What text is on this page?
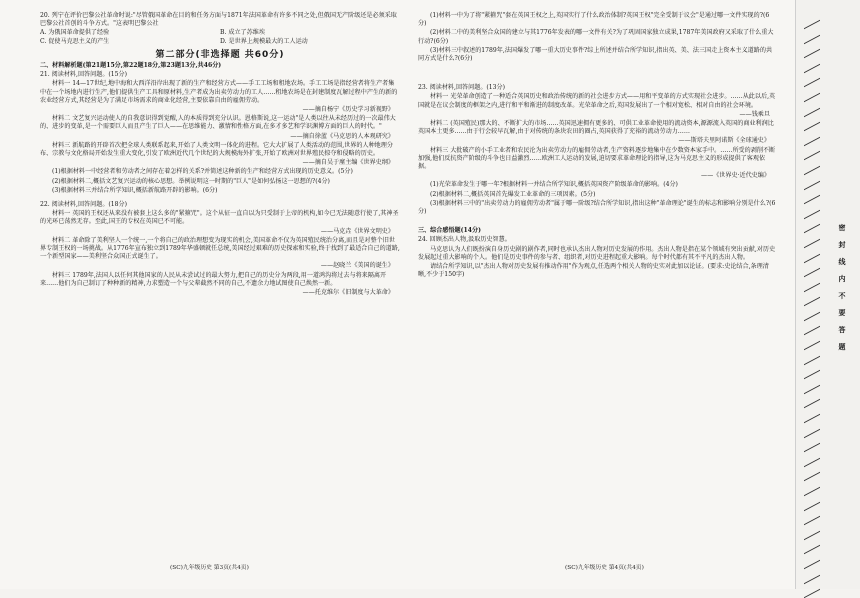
20. 列宁在评价巴黎公社革命时说:"尽管俄国革命在目的和任务方面与1871年法国革命有许多不同之处,但俄国无产阶级还是必须采取巴黎公社首创的斗争方式。"这表明巴黎公社

A. 为俄国革命提供了经验	B. 成立了苏维埃
C. 促使马克思主义的产生	D. 是世界上规模最大的工人运动
第二部分(非选择题 共60分)

二、材料解析题(第21题15分,第22题18分,第23题13分,共46分)

21. 阅读材料,回答问题。(15分)

材料一 14—17世纪,地中海和大西洋沿岸出现了新的生产和经营方式——手工工场和租地农场。手工工场是指经营者将生产者集中在一个场地内进行生产,他们提供生产工具和原材料,生产者成为出卖劳动力的工人……租地农场是在封建制度瓦解过程中产生的新的农业经营方式,其经营是为了满足市场需求的商业化经营,主要依靠自由的雇佣劳动。

——摘自杨宁《历史学习新视野》

材料二 文艺复兴运动使人的自我意识得到觉醒,人的本质得到充分认识。恩格斯说,这一运动"是人类以往从未经历过的一次最伟大的、进步的变革,是一个需要巨人而且产生了巨人——在思维能力、激情和性格方面,在多才多艺和学识渊博方面的巨人的时代。"

——摘自徐蓝《马克思的人本观研究》

材料三 新航路的开辟首次把全球人类联系起来,开始了人类文明一体化的进程。它大大扩展了人类活动的范围,世界的人种地理分布、宗教与文化格局开始发生重大变化,引发了欧洲近代几个世纪的大规模海外扩张,开始了欧洲对世界殖民掠夺和侵略的历史。

——摘自吴于廑主编《世界史纲》

(1)根据材料一中经营者和劳动者之间存在着怎样的关系?并简述这种新的生产和经营方式出现的历史意义。(5分)

(2)根据材料二,概括文艺复兴运动的核心思想。举例说明这一时期的"巨人"是如何弘扬这一思想的?(4分)

(3)根据材料三并结合所学知识,概括新航路开辟的影响。(6分)

22. 阅读材料,回答问题。(18分)

材料一 英国的王权还从来没有被套上这么多的"紧箍咒"。这个从征一直自以为只受制于上帝的机构,如今已无法随意行使了,其神圣的光环已荡然无存。至此,国王的专权在英国已不可能。

——马克垚《世界文明史》

材料二 革命除了美利坚人一个统一,一个将自己的政治理想变为现实的机会,美国革命不仅为英国殖民统治分离,而且是对整个旧世界专制王权的一场挑战。从1776年宣布独立到1789年华盛顿就任总统,美国经过艰难的历史探索和实验,终于找到了最适合自己的道路,一个新型国家——美利坚合众国正式诞生了。

——赵晓兰《美国的诞生》

材料三 1789年,法国人以任何其他国家的人民从未尝试过的最大努力,把自己的历史分为两段,用一道鸿沟将过去与将来隔离开来……他们为自己制订了种种新的精神,力求塑造一个与父辈截然不同的自己,不遗余力地试图使自己焕然一新。

——托克维尔《旧制度与大革命》

(1)材料一中为了将"紧箍咒"套在英国王权之上,英国实行了什么政治体制?英国王权"完全受制于议会"是通过哪一文件实现的?(6分)

(2)材料二中的美利坚合众国的建立与其1776年发表的哪一文件有关?为了巩固国家独立成果,1787年美国政府又采取了什么重大行动?(6分)

(3)材料三中叙述的1789年,法国爆发了哪一重大历史事件?综上所述并结合所学知识,指出英、美、法三国走上资本主义道路的共同方式是什么?(6分)

23. 阅读材料,回答问题。(13分)

材料一 光荣革命创造了一种适合英国历史和政治传统的新的社会进步方式——用和平变革的方式实现社会进步。……从此以后,英国就是在议会制度的框架之内,进行和平和渐进的制度改革。光荣革命之后,英国发展出了一个相对宽松、相对自由的社会环境。

——钱乘旦

材料二 (英国殖民)那大的、不断扩大的市场……英国迅速拥有更多的、可供工业革命使用的流动资本,源源流入英国的商业利润比英国本土更多……由于行会较早瓦解,由于对传统的条块农田的圈占,英国获得了充裕的流动劳动力……

——斯塔夫里阿诺斯《全球通史》

材料三 大批破产的小手工业者和农民沦为出卖劳动力的雇佣劳动者,生产资料逐步地集中在少数资本家手中。……所受的剥削不断加强,他们反抗资产阶级的斗争也日益激烈……欧洲工人运动的发展,迫切要求革命理论的指导,这为马克思主义的形成提供了客观依据。

——《世界史·近代史编》

(1)光荣革命发生于哪一年?根据材料一并结合所学知识,概括英国资产阶级革命的影响。(4分)

(2)根据材料二,概括英国首先爆发工业革命的三项因素。(5分)

(3)根据材料三中的"出卖劳动力的雇佣劳动者"属于哪一阶级?结合所学知识,指出这种"革命理论"诞生的标志和影响分别是什么?(6分)

三、综合感悟题(14分)

24. 回顾杰出人物,汲取历史智慧。

马克思认为人们既扮演自身历史剧的剧作者,同时也承认杰出人物对历史发展的作用。杰出人物是指在某个领域有突出贡献,对历史发展起过重大影响的个人。他们是历史事件的参与者、组织者,对历史进程起重大影响。每个时代都有其不平凡的杰出人物。

请结合所学知识,以"杰出人物对历史发展有推动作用"作为观点,任选两个相关人物的史实对此加以论证。(要求:史论结合,条理清晰,不少于150字)

(SC)九年级历史 第3页(共4页)	(SC)九年级历史 第4页(共4页)
密
封
线
内
不
要
答
题
